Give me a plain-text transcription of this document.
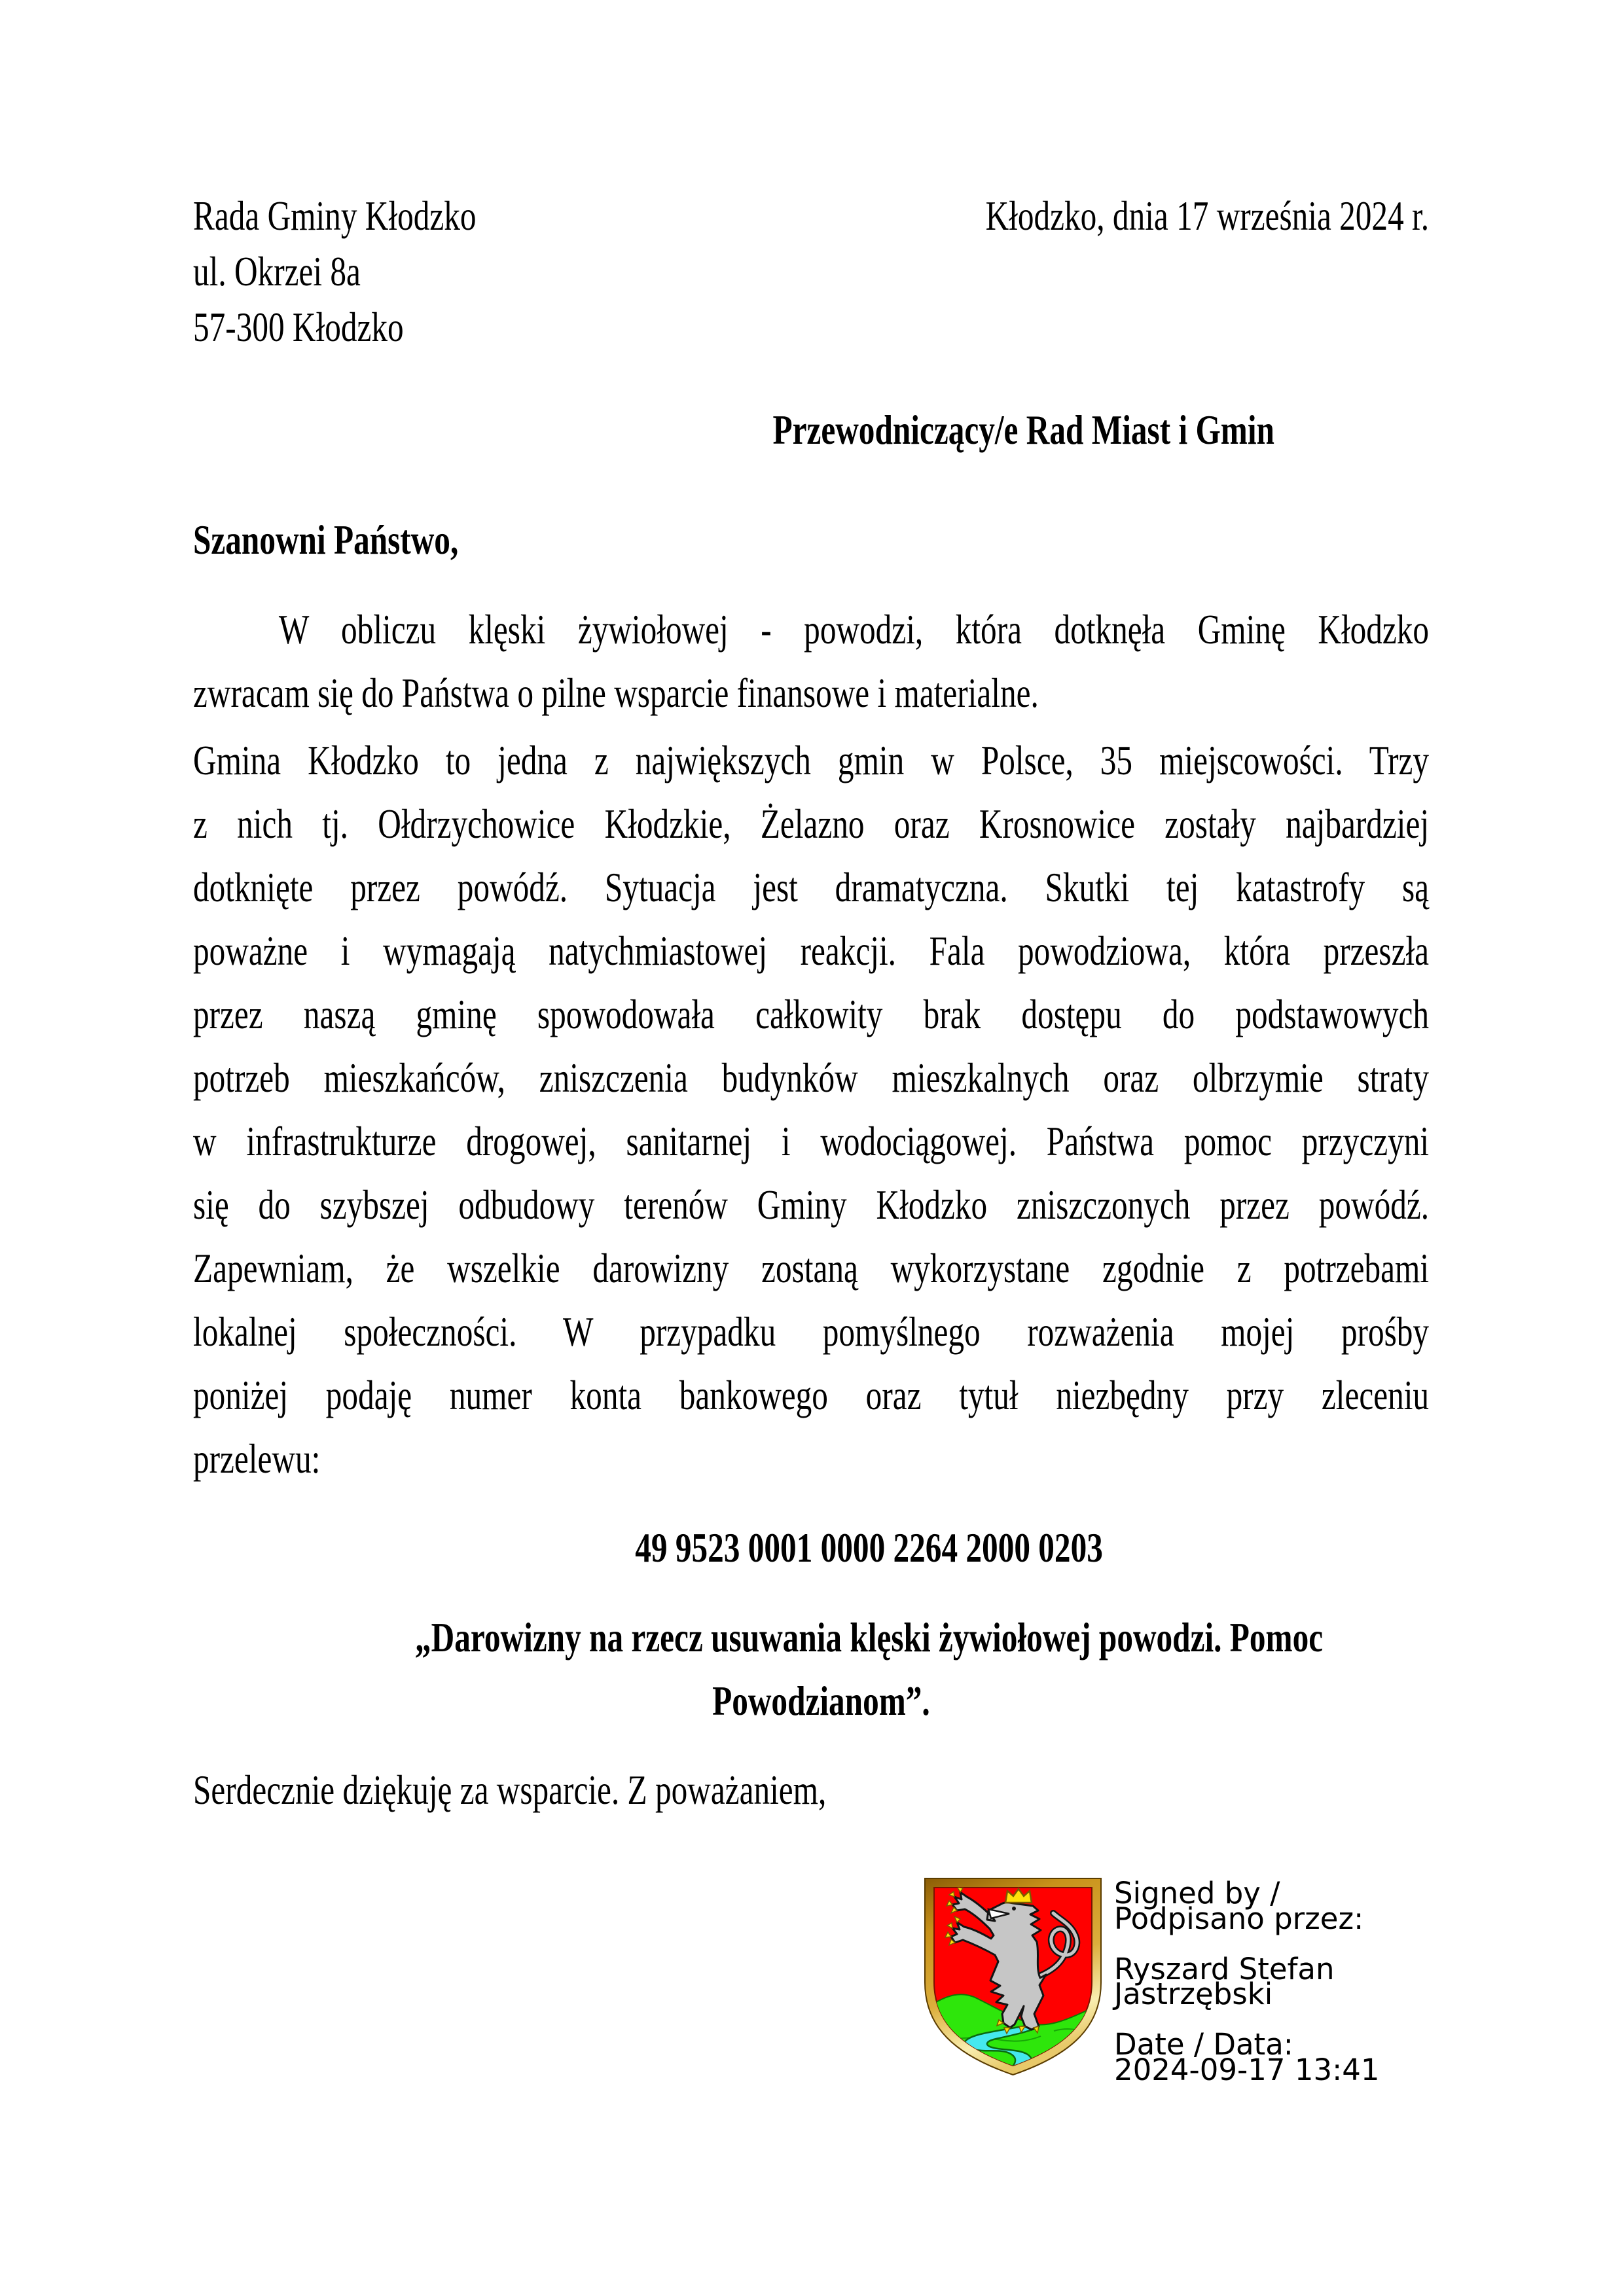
Rada Gminy Kłodzko	Kłodzko, dnia 17 września 2024 r.
ul. Okrzei 8a
57-300 Kłodzko
Przewodniczący/e Rad Miast i Gmin
Szanowni Państwo,
W obliczu klęski żywiołowej - powodzi, która dotknęła Gminę Kłodzko
zwracam się do Państwa o pilne wsparcie finansowe i materialne.
Gmina Kłodzko to jedna z największych gmin w Polsce, 35 miejscowości. Trzy
z nich tj. Ołdrzychowice Kłodzkie, Żelazno oraz Krosnowice zostały najbardziej
dotknięte przez powódź. Sytuacja jest dramatyczna. Skutki tej katastrofy są
poważne i wymagają natychmiastowej reakcji. Fala powodziowa, która przeszła
przez naszą gminę spowodowała całkowity brak dostępu do podstawowych
potrzeb mieszkańców, zniszczenia budynków mieszkalnych oraz olbrzymie straty
w infrastrukturze drogowej, sanitarnej i wodociągowej. Państwa pomoc przyczyni
się do szybszej odbudowy terenów Gminy Kłodzko zniszczonych przez powódź.
Zapewniam, że wszelkie darowizny zostaną wykorzystane zgodnie z potrzebami
lokalnej społeczności. W przypadku pomyślnego rozważenia mojej prośby
poniżej podaję numer konta bankowego oraz tytuł niezbędny przy zleceniu
przelewu:
49 9523 0001 0000 2264 2000 0203
„Darowizny na rzecz usuwania klęski żywiołowej powodzi. Pomoc
Powodzianom”.
Serdecznie dziękuję za wsparcie. Z poważaniem,
Signed by /
Podpisano przez:
Ryszard Stefan
Jastrzębski
Date / Data:
2024-09-17 13:41
